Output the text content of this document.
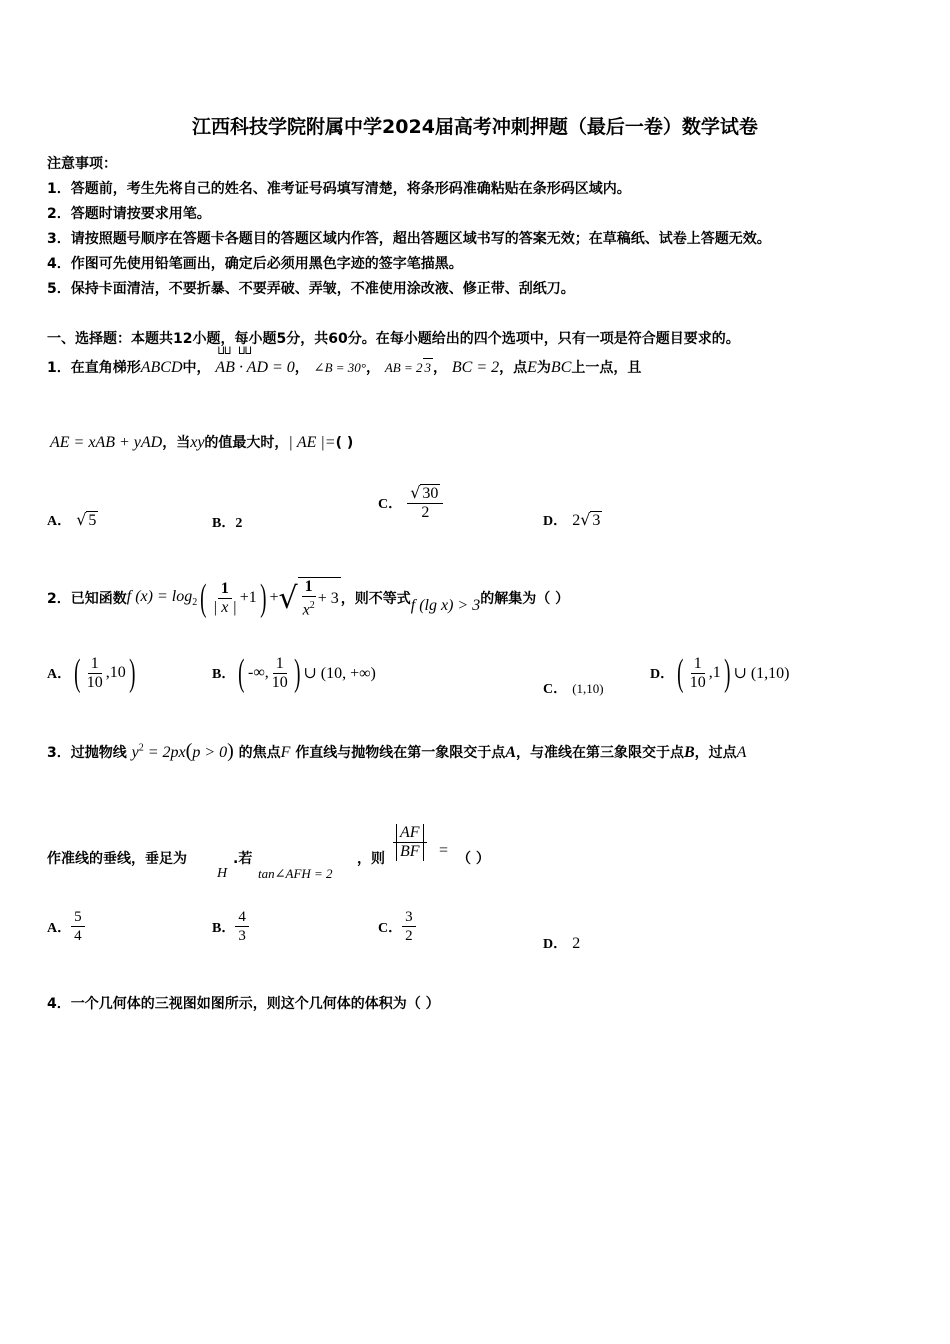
江西科技学院附属中学2024届高考冲刺押题（最后一卷）数学试卷
注意事项：
1．答题前，考生先将自己的姓名、准考证号码填写清楚，将条形码准确粘贴在条形码区域内。
2．答题时请按要求用笔。
3．请按照题号顺序在答题卡各题目的答题区域内作答，超出答题区域书写的答案无效；在草稿纸、试卷上答题无效。
4．作图可先使用铅笔画出，确定后必须用黑色字迹的签字笔描黑。
5．保持卡面清洁，不要折暴、不要弄破、弄皱，不准使用涂改液、修正带、刮纸刀。
一、选择题：本题共12小题，每小题5分，共60分。在每小题给出的四个选项中，只有一项是符合题目要求的。
1．在直角梯形ABCD中，
ⵡⵡ     ⵡⵡ
AB · AD = 0， ∠B = 30°， AB = 2 3 ， BC = 2，点E为BC上一点，且
AE = xAB + yAD，当xy的值最大时，| AE |=( )
A． √ 5	B．2
C． $\frac{√ 30}{2}$	D． 2√ 3
2．已知函数 f $(x) = \log_2$ ( $\frac{1}{| x |} +1$ ) + √ $\frac{1}{x^2} + 3$ ，则不等式 f (lg x) > 3 的解集为（ ）
A． ( $\frac{1}{10} ,10$ )	B． ( -∞, $\frac{1}{10}$ ) ∪ (10, +∞)
C． (1,10)
D． ( $\frac{1}{10} ,1$ ) ∪ (1,10)
3．过抛物线 $y^2 = 2px(p > 0)$ 的焦点F 作直线与抛物线在第一象限交于点A，与准线在第三象限交于点B，过点A
作准线的垂线，垂足为
H
.若
tan∠AFH = 2
，则 $\frac{AF}{BF}$ = （ ）
A． $\frac{5}{4}$	B． $\frac{4}{3}$	C． $\frac{3}{2}$	D． 2
4．一个几何体的三视图如图所示，则这个几何体的体积为（ ）
